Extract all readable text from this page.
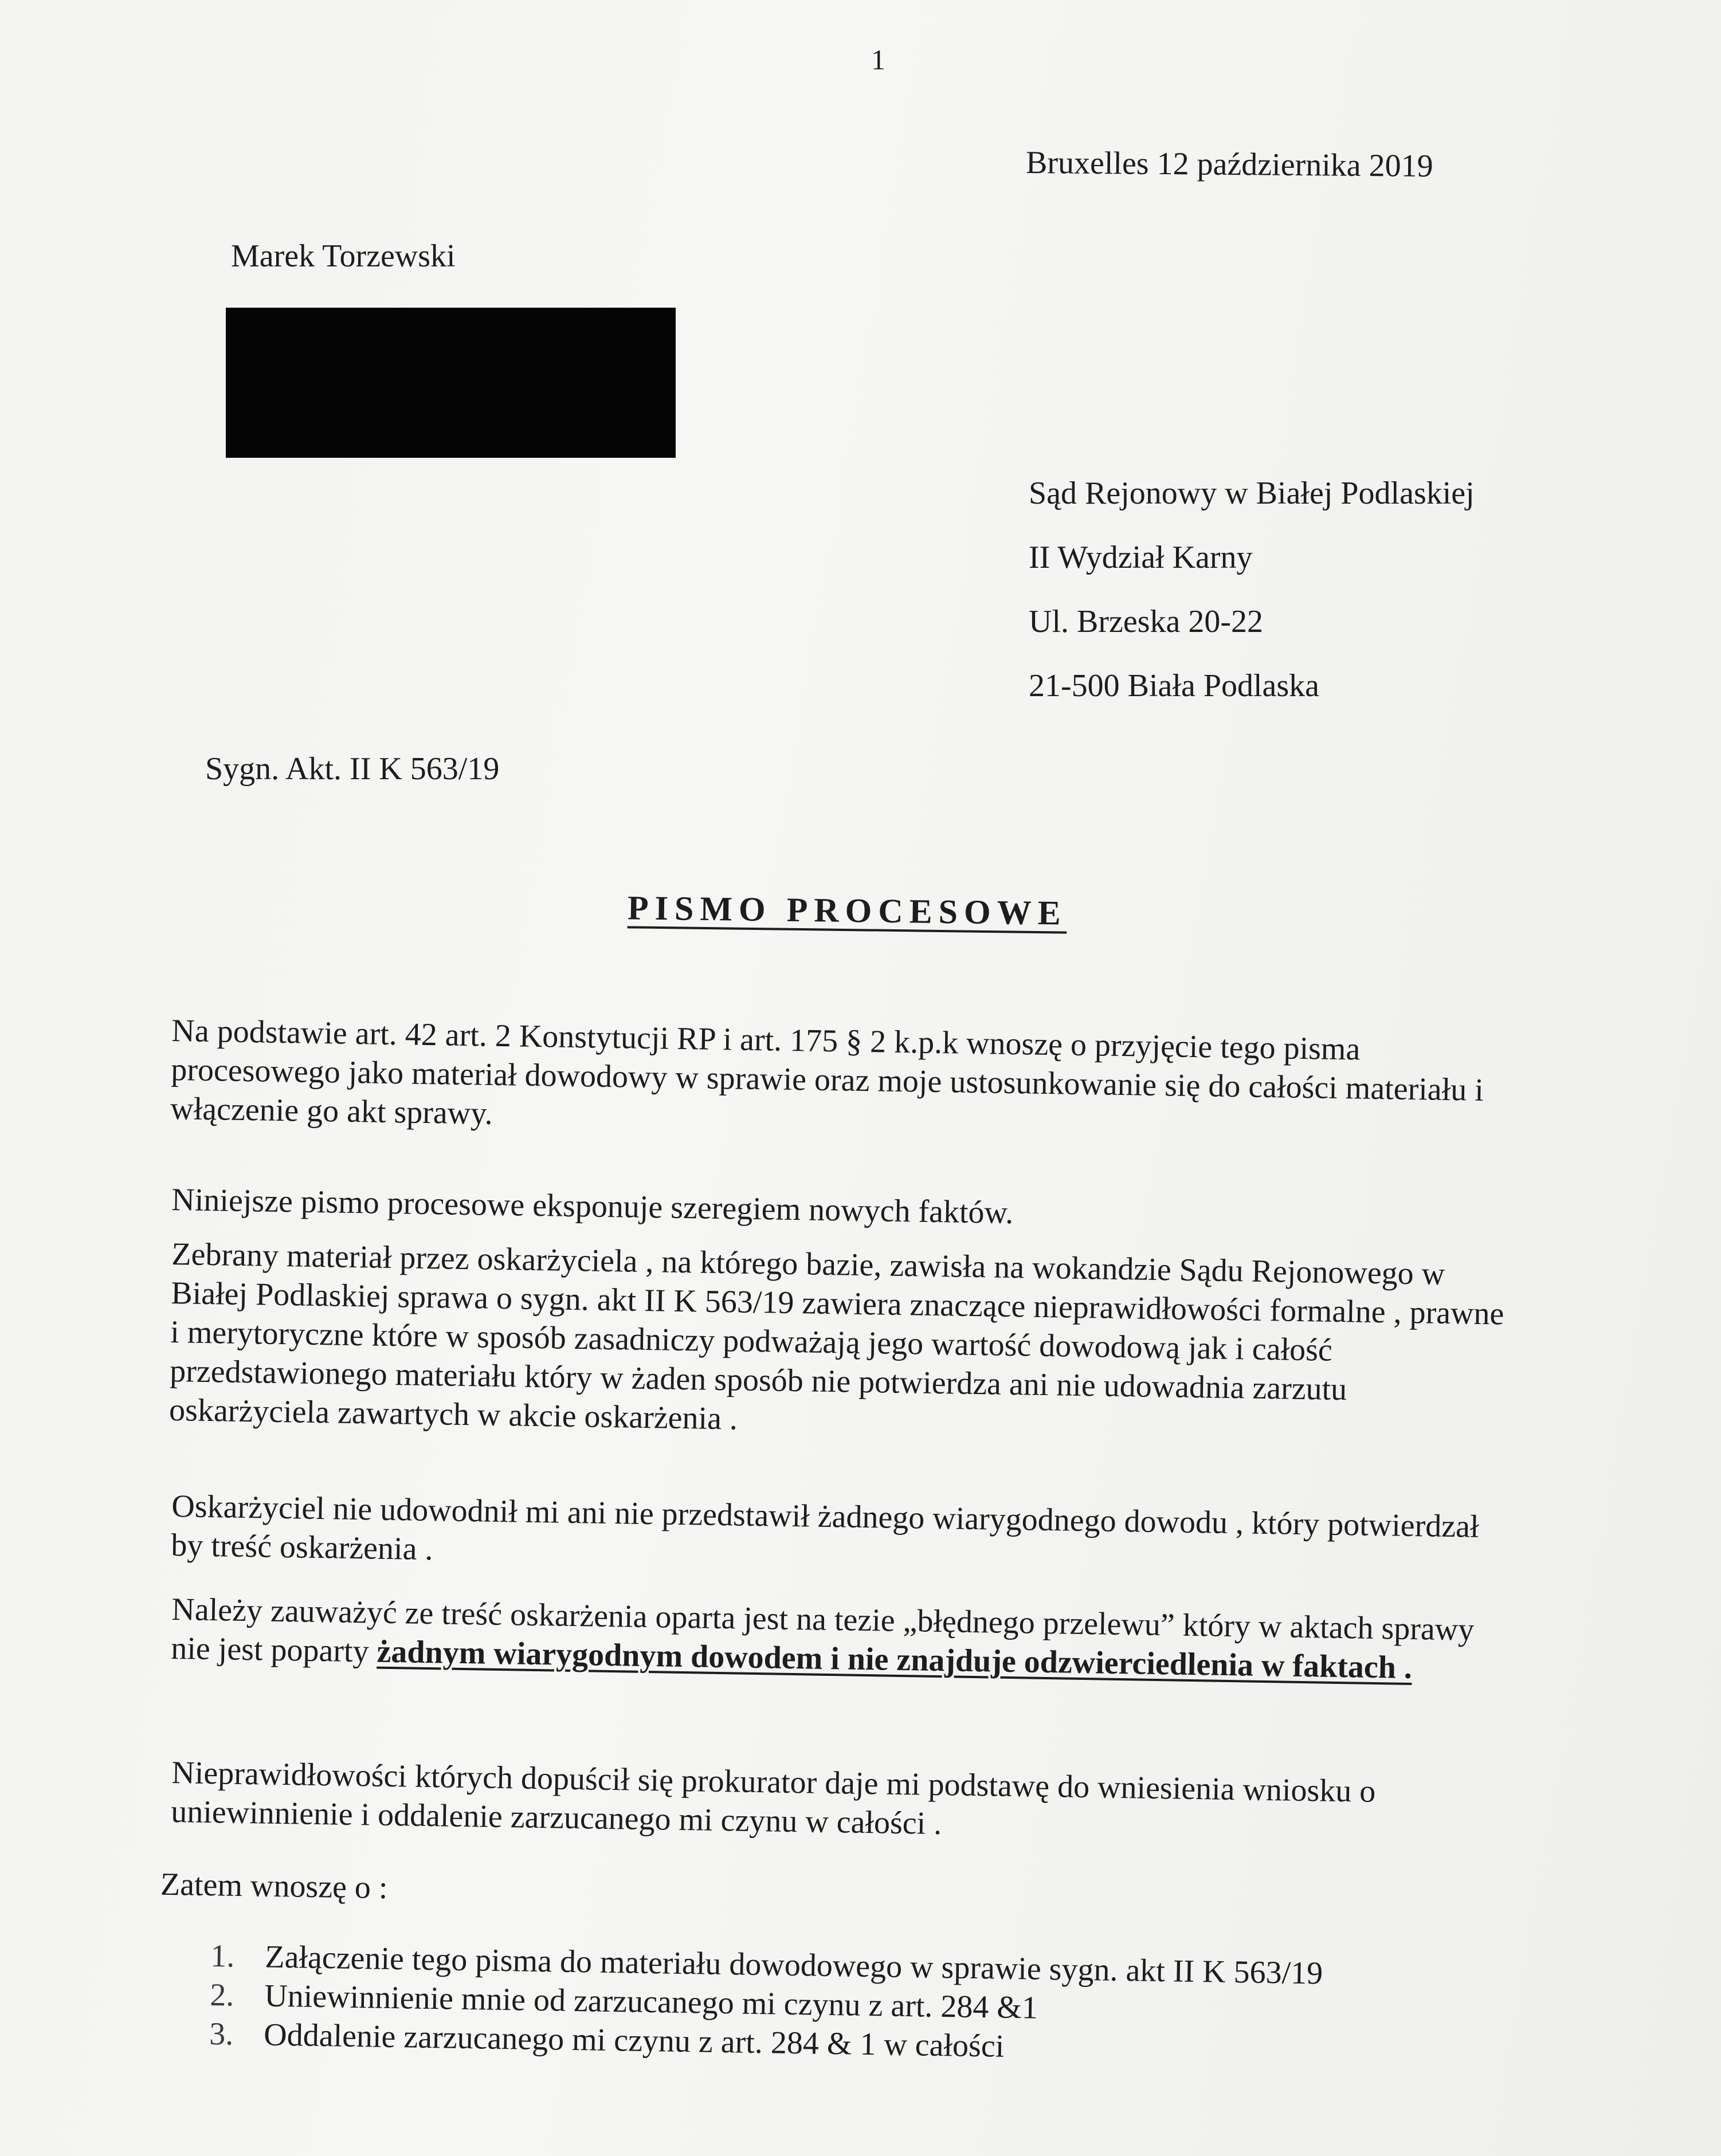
1
Bruxelles 12 października 2019
Marek Torzewski
Sąd Rejonowy w Białej Podlaskiej
II Wydział Karny
Ul. Brzeska 20-22
21-500 Biała Podlaska
Sygn. Akt. II K 563/19
PISMO PROCESOWE

Na podstawie art. 42 art. 2 Konstytucji RP i art. 175 § 2 k.p.k wnoszę o przyjęcie tego pisma procesowego jako materiał dowodowy w sprawie oraz moje ustosunkowanie się do całości materiału i włączenie go akt sprawy.

Niniejsze pismo procesowe eksponuje szeregiem nowych faktów.

Zebrany materiał przez oskarżyciela , na którego bazie, zawisła na wokandzie Sądu Rejonowego w Białej Podlaskiej sprawa o sygn. akt II K 563/19 zawiera znaczące nieprawidłowości formalne , prawne i merytoryczne które w sposób zasadniczy podważają jego wartość dowodową jak i całość przedstawionego materiału który w żaden sposób nie potwierdza ani nie udowadnia zarzutu oskarżyciela zawartych w akcie oskarżenia .

Oskarżyciel nie udowodnił mi ani nie przedstawił żadnego wiarygodnego dowodu , który potwierdzał by treść oskarżenia .

Należy zauważyć ze treść oskarżenia oparta jest na tezie „błędnego przelewu” który w aktach sprawy nie jest poparty żadnym wiarygodnym dowodem i nie znajduje odzwierciedlenia w faktach .

Nieprawidłowości których dopuścił się prokurator daje mi podstawę do wniesienia wniosku o uniewinnienie i oddalenie zarzucanego mi czynu w całości .

Zatem wnoszę o :
1. Załączenie tego pisma do materiału dowodowego w sprawie sygn. akt II K 563/19
2. Uniewinnienie mnie od zarzucanego mi czynu z art. 284 &1
3. Oddalenie zarzucanego mi czynu z art. 284 & 1 w całości
